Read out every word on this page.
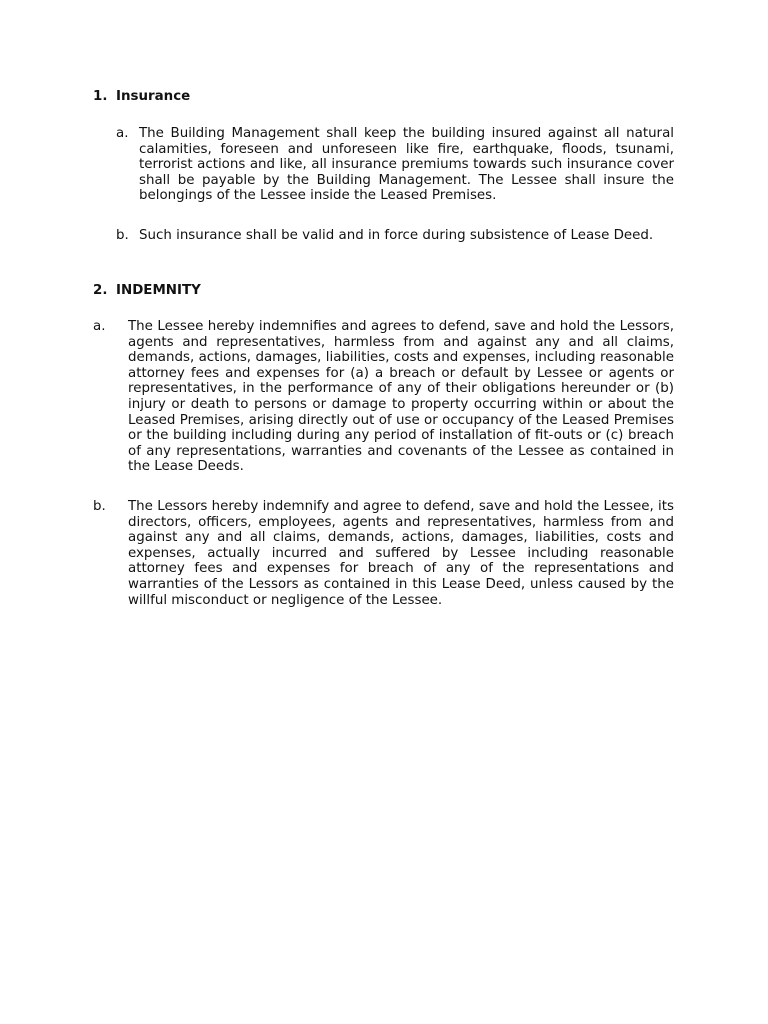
1. Insurance
a. The Building Management shall keep the building insured against all natural calamities, foreseen and unforeseen like fire, earthquake, floods, tsunami, terrorist actions and like, all insurance premiums towards such insurance cover shall be payable by the Building Management. The Lessee shall insure the belongings of the Lessee inside the Leased Premises.

b. Such insurance shall be valid and in force during subsistence of Lease Deed.

2. INDEMNITY
a. The Lessee hereby indemnifies and agrees to defend, save and hold the Lessors, agents and representatives, harmless from and against any and all claims, demands, actions, damages, liabilities, costs and expenses, including reasonable attorney fees and expenses for (a) a breach or default by Lessee or agents or representatives, in the performance of any of their obligations hereunder or (b) injury or death to persons or damage to property occurring within or about the Leased Premises, arising directly out of use or occupancy of the Leased Premises or the building including during any period of installation of fit-outs or (c) breach of any representations, warranties and covenants of the Lessee as contained in the Lease Deeds.

b. The Lessors hereby indemnify and agree to defend, save and hold the Lessee, its directors, officers, employees, agents and representatives, harmless from and against any and all claims, demands, actions, damages, liabilities, costs and expenses, actually incurred and suffered by Lessee including reasonable attorney fees and expenses for breach of any of the representations and warranties of the Lessors as contained in this Lease Deed, unless caused by the willful misconduct or negligence of the Lessee.
